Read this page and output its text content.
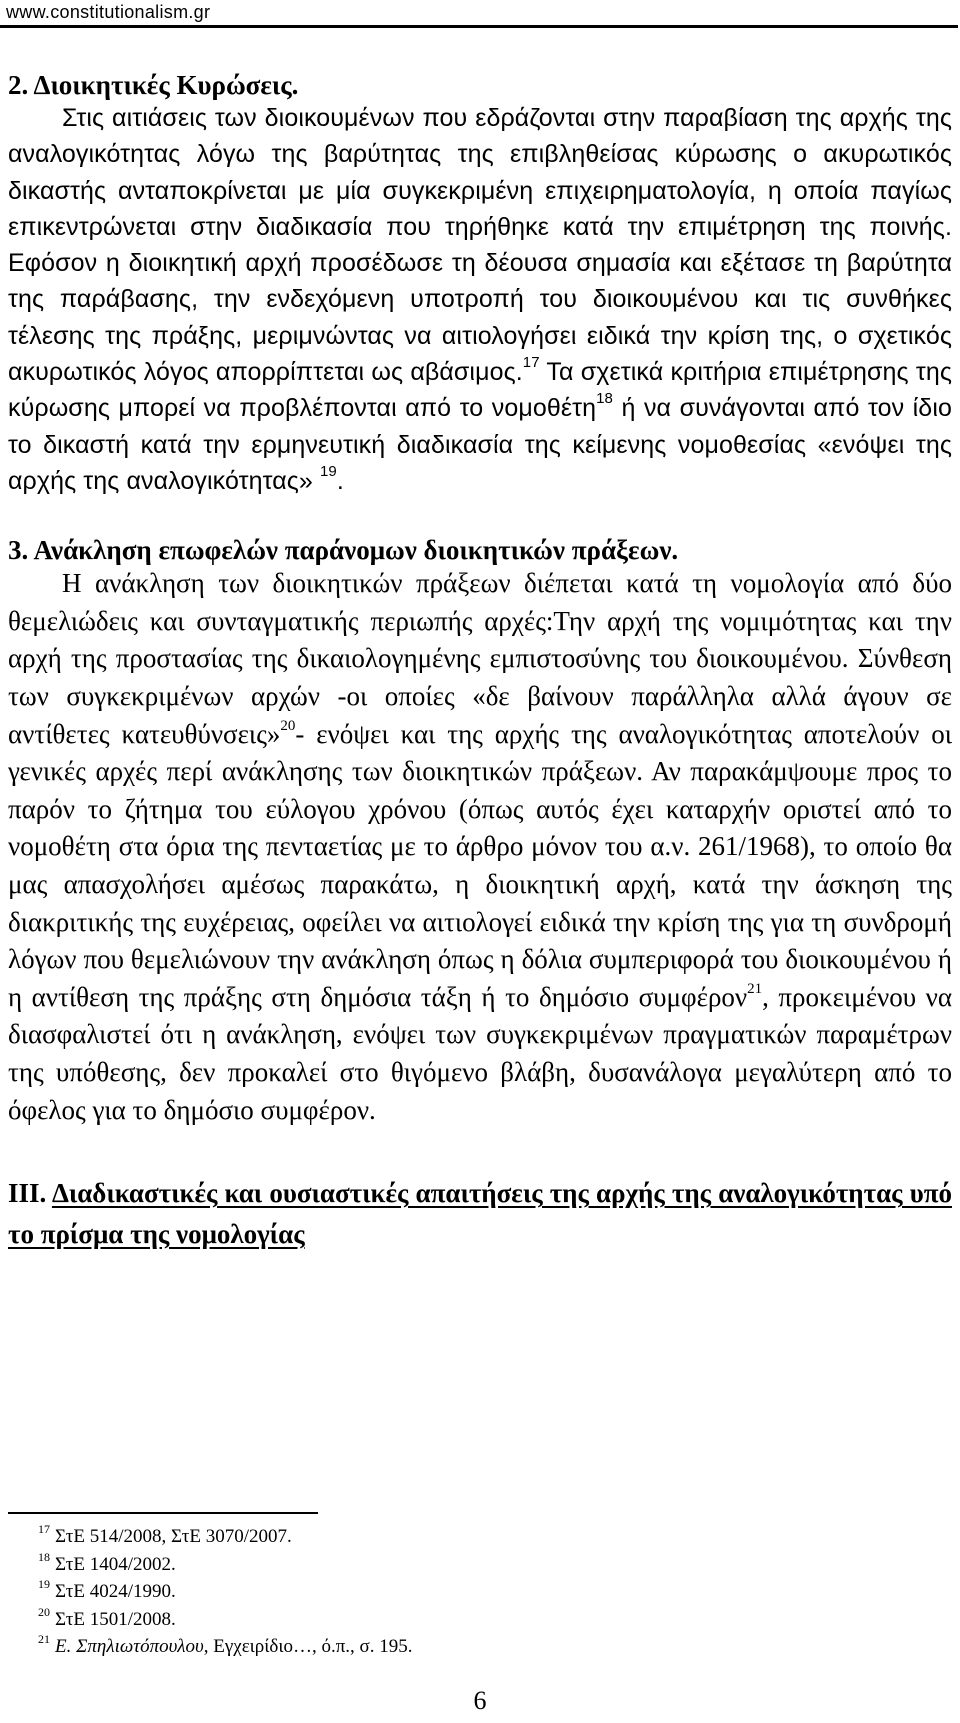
www.constitutionalism.gr
2. Διοικητικές Κυρώσεις.

Στις αιτιάσεις των διοικουμένων που εδράζονται στην παραβίαση της αρχής της αναλογικότητας λόγω της βαρύτητας της επιβληθείσας κύρωσης ο ακυρωτικός δικαστής ανταποκρίνεται με μία συγκεκριμένη επιχειρηματολογία, η οποία παγίως επικεντρώνεται στην διαδικασία που τηρήθηκε κατά την επιμέτρηση της ποινής. Εφόσον η διοικητική αρχή προσέδωσε τη δέουσα σημασία και εξέτασε τη βαρύτητα της παράβασης, την ενδεχόμενη υποτροπή του διοικουμένου και τις συνθήκες τέλεσης της πράξης, μεριμνώντας να αιτιολογήσει ειδικά την κρίση της, ο σχετικός ακυρωτικός λόγος απορρίπτεται ως αβάσιμος.$^{17}$ Τα σχετικά κριτήρια επιμέτρησης της κύρωσης μπορεί να προβλέπονται από το νομοθέτη$^{18}$ ή να συνάγονται από τον ίδιο το δικαστή κατά την ερμηνευτική διαδικασία της κείμενης νομοθεσίας «ενόψει της αρχής της αναλογικότητας» $^{19}$.

3. Ανάκληση επωφελών παράνομων διοικητικών πράξεων.

Η ανάκληση των διοικητικών πράξεων διέπεται κατά τη νομολογία από δύο θεμελιώδεις και συνταγματικής περιωπής αρχές:Την αρχή της νομιμότητας και την αρχή της προστασίας της δικαιολογημένης εμπιστοσύνης του διοικουμένου. Σύνθεση των συγκεκριμένων αρχών -οι οποίες «δε βαίνουν παράλληλα αλλά άγουν σε αντίθετες κατευθύνσεις»$^{20}$- ενόψει και της αρχής της αναλογικότητας αποτελούν οι γενικές αρχές περί ανάκλησης των διοικητικών πράξεων. Αν παρακάμψουμε προς το παρόν το ζήτημα του εύλογου χρόνου (όπως αυτός έχει καταρχήν οριστεί από το νομοθέτη στα όρια της πενταετίας με το άρθρο μόνον του α.ν. 261/1968), το οποίο θα μας απασχολήσει αμέσως παρακάτω, η διοικητική αρχή, κατά την άσκηση της διακριτικής της ευχέρειας, οφείλει να αιτιολογεί ειδικά την κρίση της για τη συνδρομή λόγων που θεμελιώνουν την ανάκληση όπως η δόλια συμπεριφορά του διοικουμένου ή η αντίθεση της πράξης στη δημόσια τάξη ή το δημόσιο συμφέρον$^{21}$, προκειμένου να διασφαλιστεί ότι η ανάκληση, ενόψει των συγκεκριμένων πραγματικών παραμέτρων της υπόθεσης, δεν προκαλεί στο θιγόμενο βλάβη, δυσανάλογα μεγαλύτερη από το όφελος για το δημόσιο συμφέρον.

ΙΙΙ. Διαδικαστικές και ουσιαστικές απαιτήσεις της αρχής της αναλογικότητας υπό το πρίσμα της νομολογίας
$^{17}$ ΣτΕ 514/2008, ΣτΕ 3070/2007.
$^{18}$ ΣτΕ 1404/2002.
$^{19}$ ΣτΕ 4024/1990.
$^{20}$ ΣτΕ 1501/2008.
$^{21}$ Ε. Σπηλιωτόπουλου, Εγχειρίδιο…, ό.π., σ. 195.
6
